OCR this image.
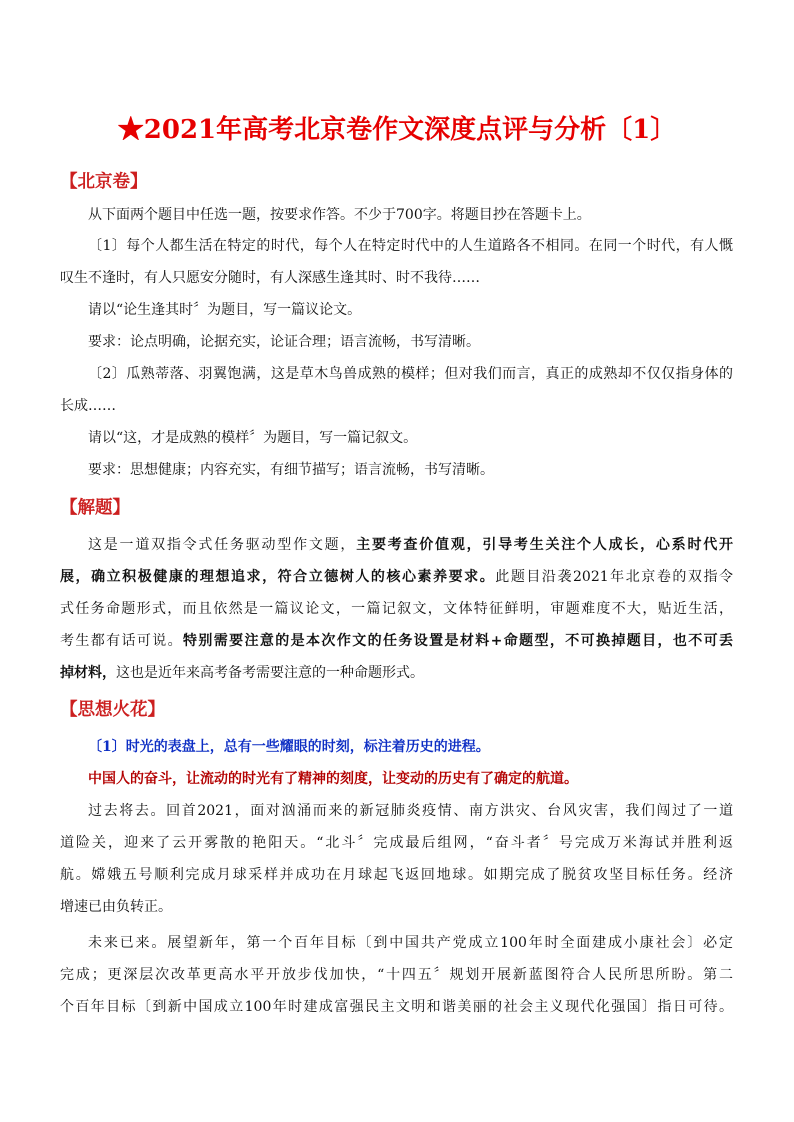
★2021年高考北京卷作文深度点评与分析〔1〕
【北京卷】
从下面两个题目中任选一题，按要求作答。不少于700字。将题目抄在答题卡上。
〔1〕每个人都生活在特定的时代，每个人在特定时代中的人生道路各不相同。在同一个时代，有人慨
叹生不逢时，有人只愿安分随时，有人深感生逢其时、时不我待……
请以“论生逢其时〞为题目，写一篇议论文。
要求：论点明确，论据充实，论证合理；语言流畅，书写清晰。
〔2〕瓜熟蒂落、羽翼饱满，这是草木鸟兽成熟的模样；但对我们而言，真正的成熟却不仅仅指身体的
长成……
请以“这，才是成熟的模样〞为题目，写一篇记叙文。
要求：思想健康；内容充实，有细节描写；语言流畅，书写清晰。
【解题】
这是一道双指令式任务驱动型作文题，主要考查价值观，引导考生关注个人成长，心系时代开
展，确立积极健康的理想追求，符合立德树人的核心素养要求。此题目沿袭2021年北京卷的双指令
式任务命题形式，而且依然是一篇议论文，一篇记叙文，文体特征鲜明，审题难度不大，贴近生活，
考生都有话可说。特别需要注意的是本次作文的任务设置是材料+命题型，不可换掉题目，也不可丢
掉材料，这也是近年来高考备考需要注意的一种命题形式。
【思想火花】
〔1〕时光的表盘上，总有一些耀眼的时刻，标注着历史的进程。
中国人的奋斗，让流动的时光有了精神的刻度，让变动的历史有了确定的航道。
过去将去。回首2021，面对汹涌而来的新冠肺炎疫情、南方洪灾、台风灾害，我们闯过了一道
道险关，迎来了云开雾散的艳阳天。“北斗〞完成最后组网，“奋斗者〞号完成万米海试并胜利返
航。嫦娥五号顺利完成月球采样并成功在月球起飞返回地球。如期完成了脱贫攻坚目标任务。经济
增速已由负转正。
未来已来。展望新年，第一个百年目标〔到中国共产党成立100年时全面建成小康社会〕必定
完成；更深层次改革更高水平开放步伐加快，“十四五〞规划开展新蓝图符合人民所思所盼。第二
个百年目标〔到新中国成立100年时建成富强民主文明和谐美丽的社会主义现代化强国〕指日可待。
